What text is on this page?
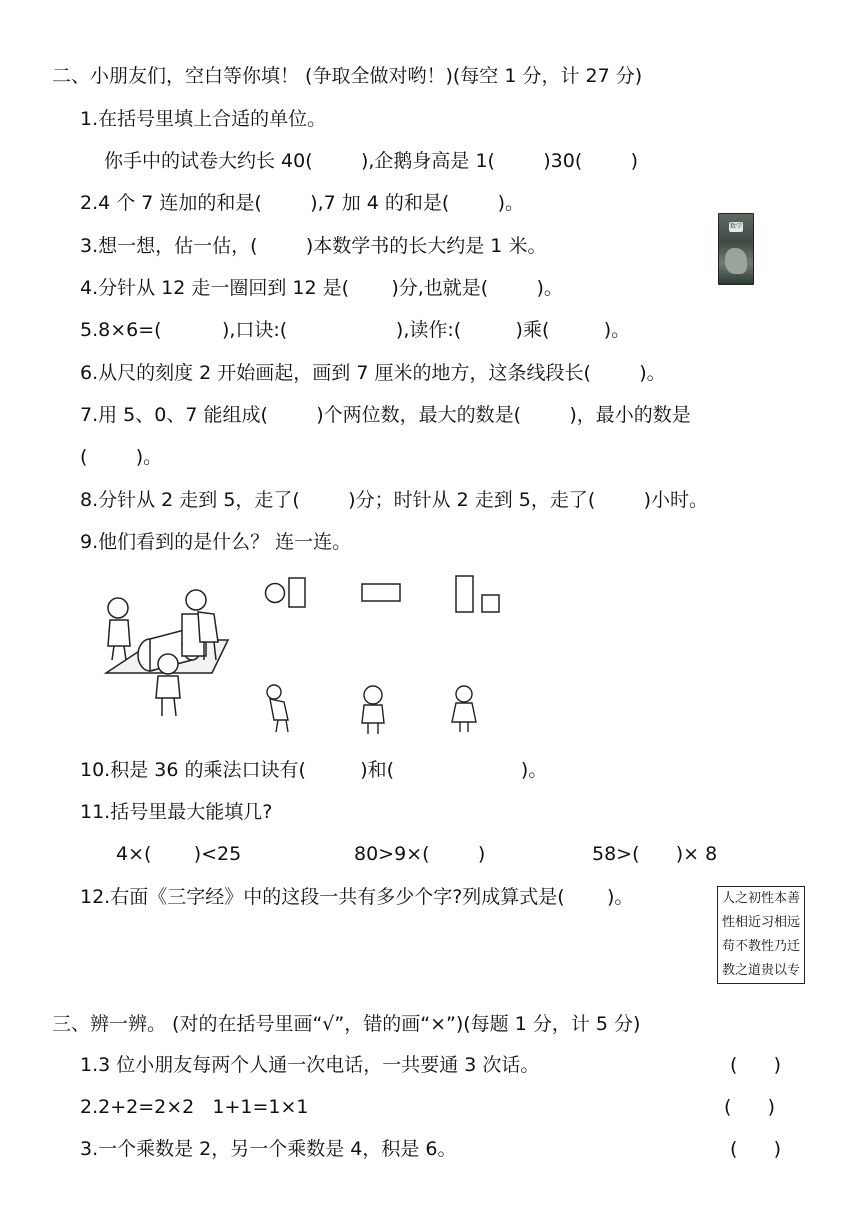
二、小朋友们，空白等你填！ (争取全做对哟！)(每空 1 分，计 27 分)
1.在括号里填上合适的单位。
你手中的试卷大约长 40(        ),企鹅身高是 1(        )30(        )
2.4 个 7 连加的和是(        ),7 加 4 的和是(        )。
3.想一想，估一估，(        )本数学书的长大约是 1 米。
数学
4.分针从 12 走一圈回到 12 是(       )分,也就是(        )。
5.8×6=(          ),口诀:(                  ),读作:(         )乘(         )。
6.从尺的刻度 2 开始画起，画到 7 厘米的地方，这条线段长(        )。
7.用 5、0、7 能组成(        )个两位数，最大的数是(        )，最小的数是
(        )。
8.分针从 2 走到 5，走了(        )分；时针从 2 走到 5，走了(        )小时。
9.他们看到的是什么？ 连一连。
10.积是 36 的乘法口诀有(         )和(                     )。
11.括号里最大能填几?
4×(       )<25	80>9×(        )	58>(      )× 8
12.右面《三字经》中的这段一共有多少个字?列成算式是(       )。	人之初性本善
性相近习相远
苟不教性乃迁
教之道贵以专
三、辨一辨。 (对的在括号里画“√”，错的画“×”)(每题 1 分，计 5 分)
1.3 位小朋友每两个人通一次电话，一共要通 3 次话。	(      )
2.2+2=2×2   1+1=1×1	(      )
3.一个乘数是 2，另一个乘数是 4，积是 6。	(      )
